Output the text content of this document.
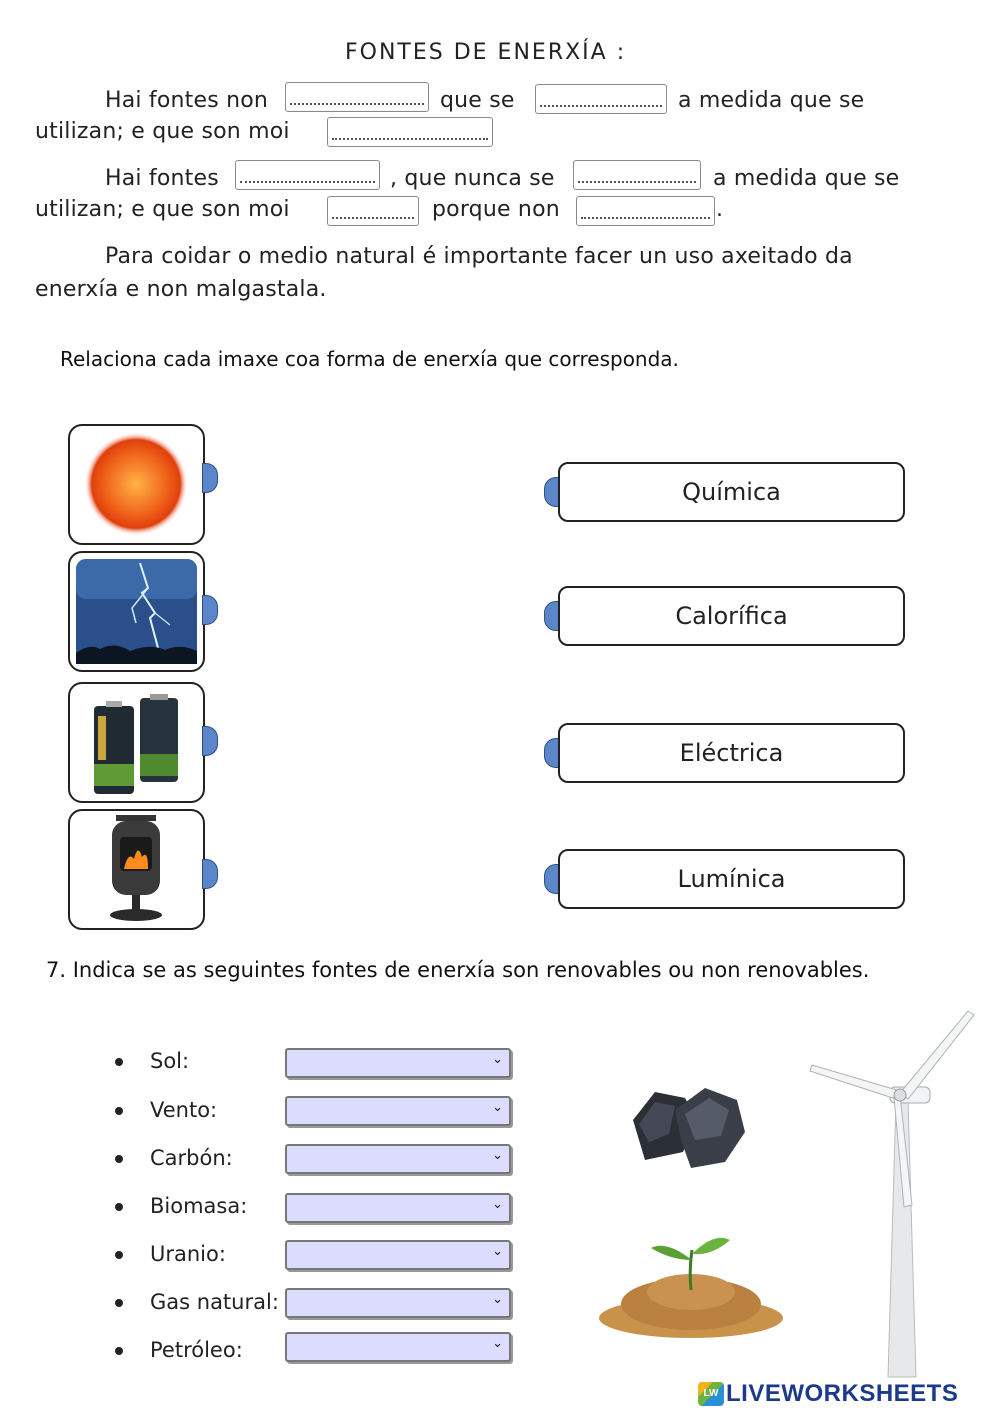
FONTES DE ENERXÍA :
Hai fontes non	que se	a medida que se
utilizan; e que son moi
Hai fontes	, que nunca se	a medida que se
utilizan; e que son moi	porque non	.
Para coidar o medio natural é importante facer un uso axeitado da
enerxía e non malgastala.
Relaciona cada imaxe coa forma de enerxía que corresponda.
Química
Calorífica
Eléctrica
Lumínica
7. Indica se as seguintes fontes de enerxía son renovables ou non renovables.
Sol:	⌄
Vento:	⌄
Carbón:	⌄
Biomasa:	⌄
Uranio:	⌄
Gas natural:	⌄
Petróleo:	⌄
LW LIVEWORKSHEETS
